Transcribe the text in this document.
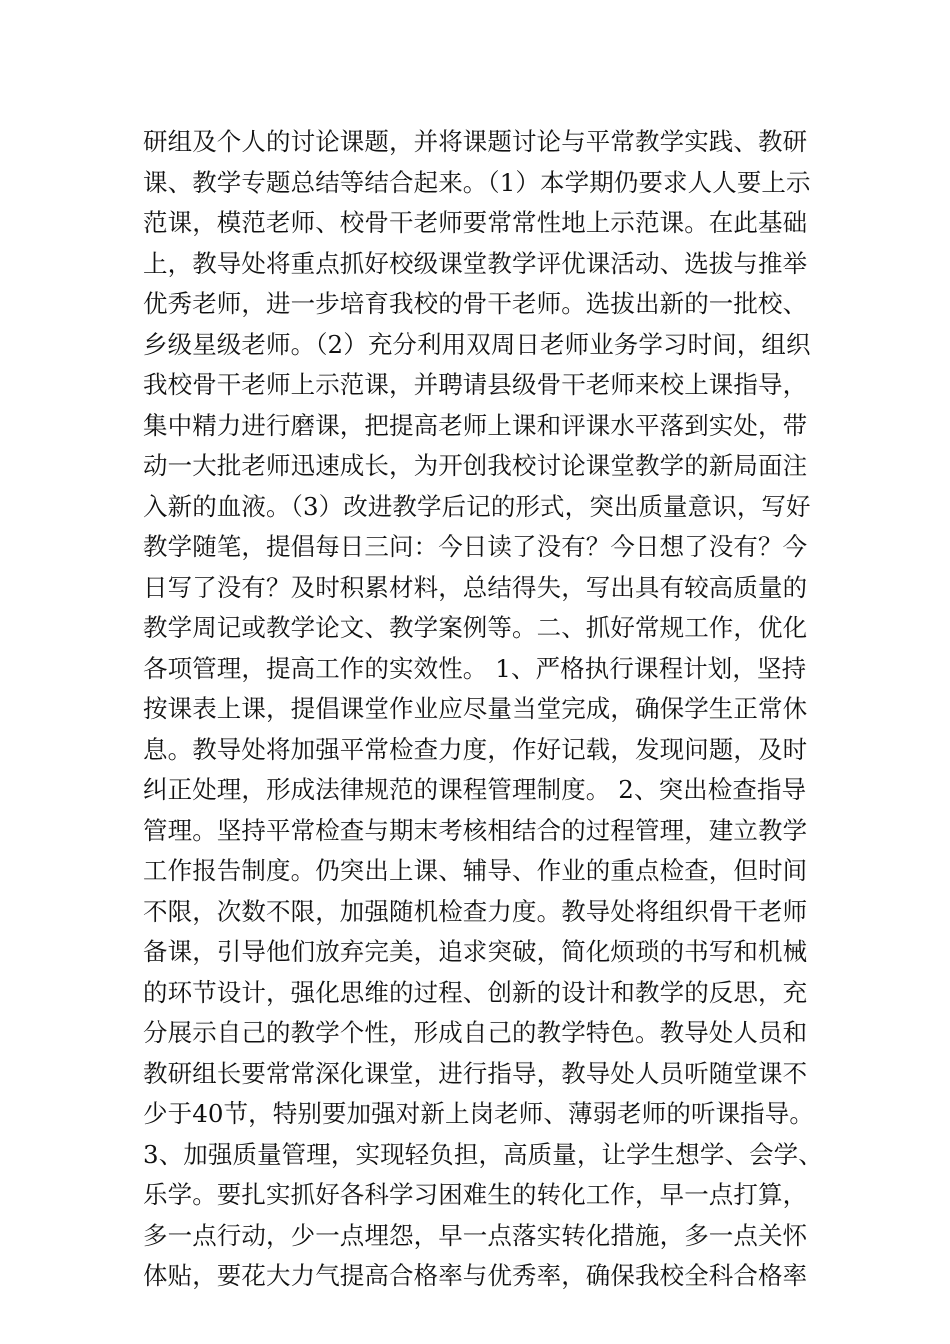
研组及个人的讨论课题，并将课题讨论与平常教学实践、教研
课、教学专题总结等结合起来。（1）本学期仍要求人人要上示
范课，模范老师、校骨干老师要常常性地上示范课。在此基础
上，教导处将重点抓好校级课堂教学评优课活动、选拔与推举
优秀老师，进一步培育我校的骨干老师。选拔出新的一批校、
乡级星级老师。（2）充分利用双周日老师业务学习时间，组织
我校骨干老师上示范课，并聘请县级骨干老师来校上课指导，
集中精力进行磨课，把提高老师上课和评课水平落到实处，带
动一大批老师迅速成长，为开创我校讨论课堂教学的新局面注
入新的血液。（3）改进教学后记的形式，突出质量意识，写好
教学随笔，提倡每日三问：今日读了没有？今日想了没有？今
日写了没有？及时积累材料，总结得失，写出具有较高质量的
教学周记或教学论文、教学案例等。二、抓好常规工作，优化
各项管理，提高工作的实效性。 1、严格执行课程计划，坚持
按课表上课，提倡课堂作业应尽量当堂完成，确保学生正常休
息。教导处将加强平常检查力度，作好记载，发现问题，及时
纠正处理，形成法律规范的课程管理制度。 2、突出检查指导
管理。坚持平常检查与期末考核相结合的过程管理，建立教学
工作报告制度。仍突出上课、辅导、作业的重点检查，但时间
不限，次数不限，加强随机检查力度。教导处将组织骨干老师
备课，引导他们放弃完美，追求突破，简化烦琐的书写和机械
的环节设计，强化思维的过程、创新的设计和教学的反思，充
分展示自己的教学个性，形成自己的教学特色。教导处人员和
教研组长要常常深化课堂，进行指导，教导处人员听随堂课不
少于40节，特别要加强对新上岗老师、薄弱老师的听课指导。
3、加强质量管理，实现轻负担，高质量，让学生想学、会学、
乐学。要扎实抓好各科学习困难生的转化工作，早一点打算，
多一点行动，少一点埋怨，早一点落实转化措施，多一点关怀
体贴，要花大力气提高合格率与优秀率，确保我校全科合格率
